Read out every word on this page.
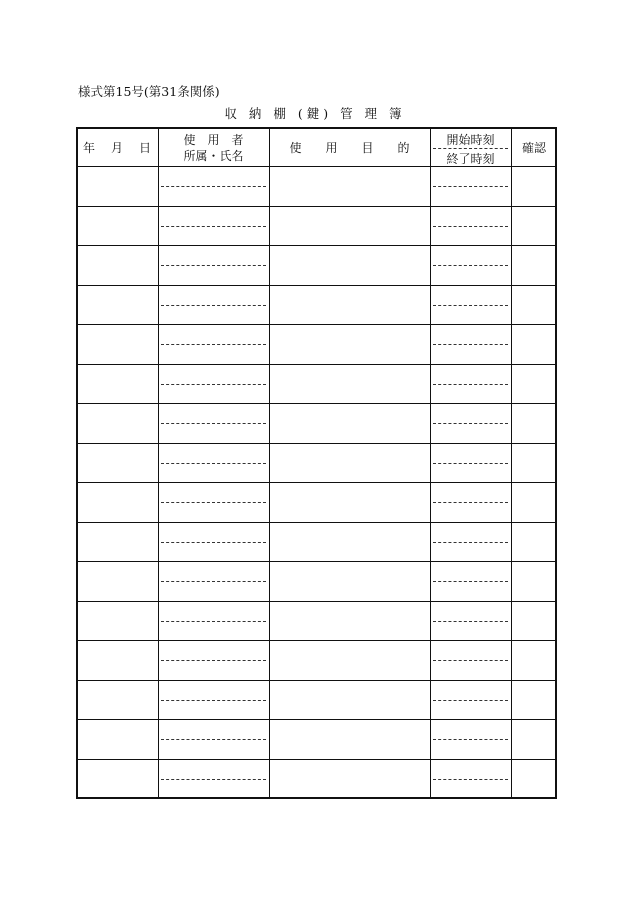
様式第15号(第31条関係)
収 納 棚 (鍵) 管 理 簿
年　月　日
使　用　者
所属・氏名
使　　用　　目　　的
開始時刻
終了時刻
確認
